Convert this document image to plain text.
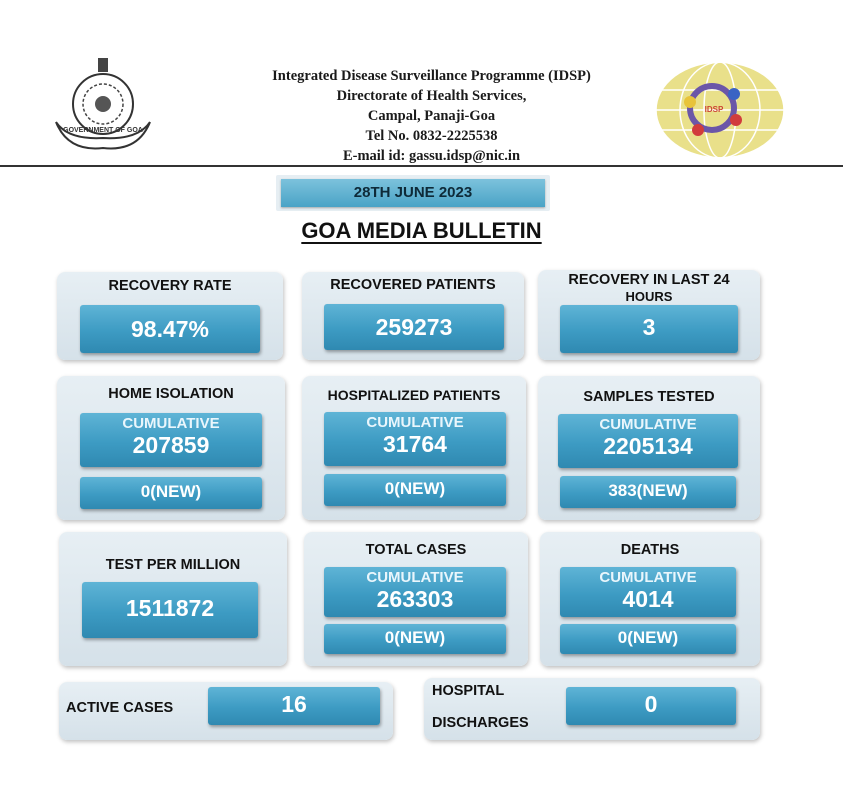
GOVERNMENT OF GOA
Integrated Disease Surveillance Programme (IDSP)
Directorate of Health Services,
Campal, Panaji-Goa
Tel No. 0832-2225538
E-mail id: gassu.idsp@nic.in
IDSP
28TH JUNE 2023
GOA MEDIA BULLETIN
RECOVERY RATE
98.47%
RECOVERED PATIENTS
259273
RECOVERY IN LAST 24
HOURS
3
HOME ISOLATION
CUMULATIVE
207859
0(NEW)
HOSPITALIZED PATIENTS
CUMULATIVE
31764
0(NEW)
SAMPLES TESTED
CUMULATIVE
2205134
383(NEW)
TEST PER MILLION
1511872
TOTAL CASES
CUMULATIVE
263303
0(NEW)
DEATHS
CUMULATIVE
4014
0(NEW)
ACTIVE CASES	16	HOSPITAL
DISCHARGES
0
